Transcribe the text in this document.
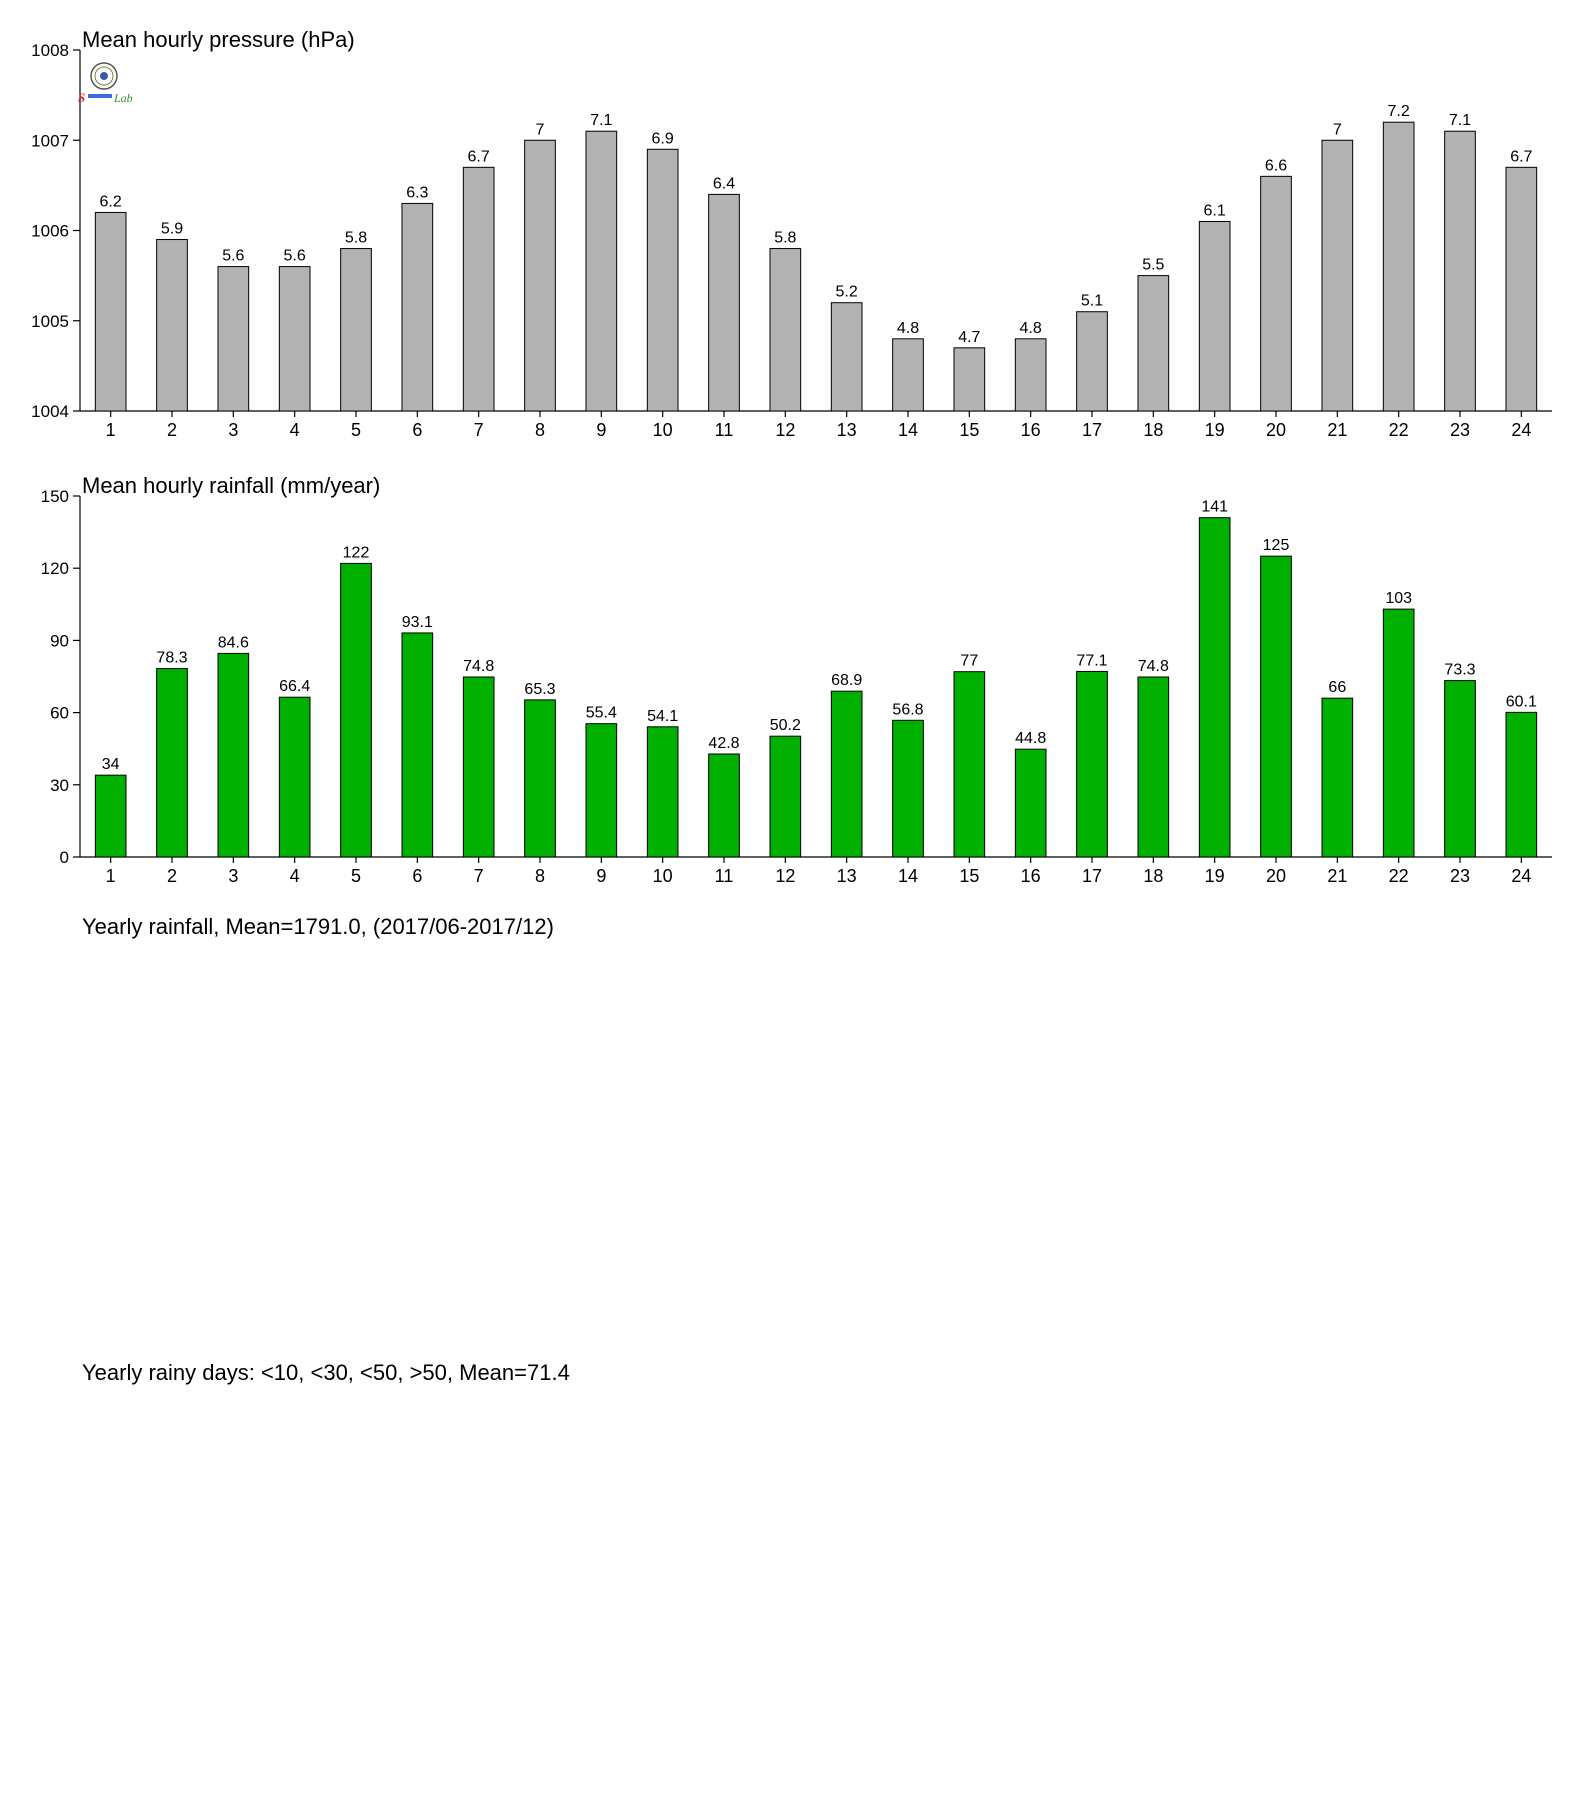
Mean hourly pressure (hPa)
1004
1005
1006
1007
1008
6.2
1
5.9
2
5.6
3
5.6
4
5.8
5
6.3
6
6.7
7
7
8
7.1
9
6.9
10
6.4
11
5.8
12
5.2
13
4.8
14
4.7
15
4.8
16
5.1
17
5.5
18
6.1
19
6.6
20
7
21
7.2
22
7.1
23
6.7
24
Mean hourly rainfall (mm/year)
0
30
60
90
120
150
34
1
78.3
2
84.6
3
66.4
4
122
5
93.1
6
74.8
7
65.3
8
55.4
9
54.1
10
42.8
11
50.2
12
68.9
13
56.8
14
77
15
44.8
16
77.1
17
74.8
18
141
19
125
20
66
21
103
22
73.3
23
60.1
24
S Lab
Yearly rainfall, Mean=1791.0, (2017/06-2017/12)
Yearly rainy days: <10, <30, <50, >50, Mean=71.4
